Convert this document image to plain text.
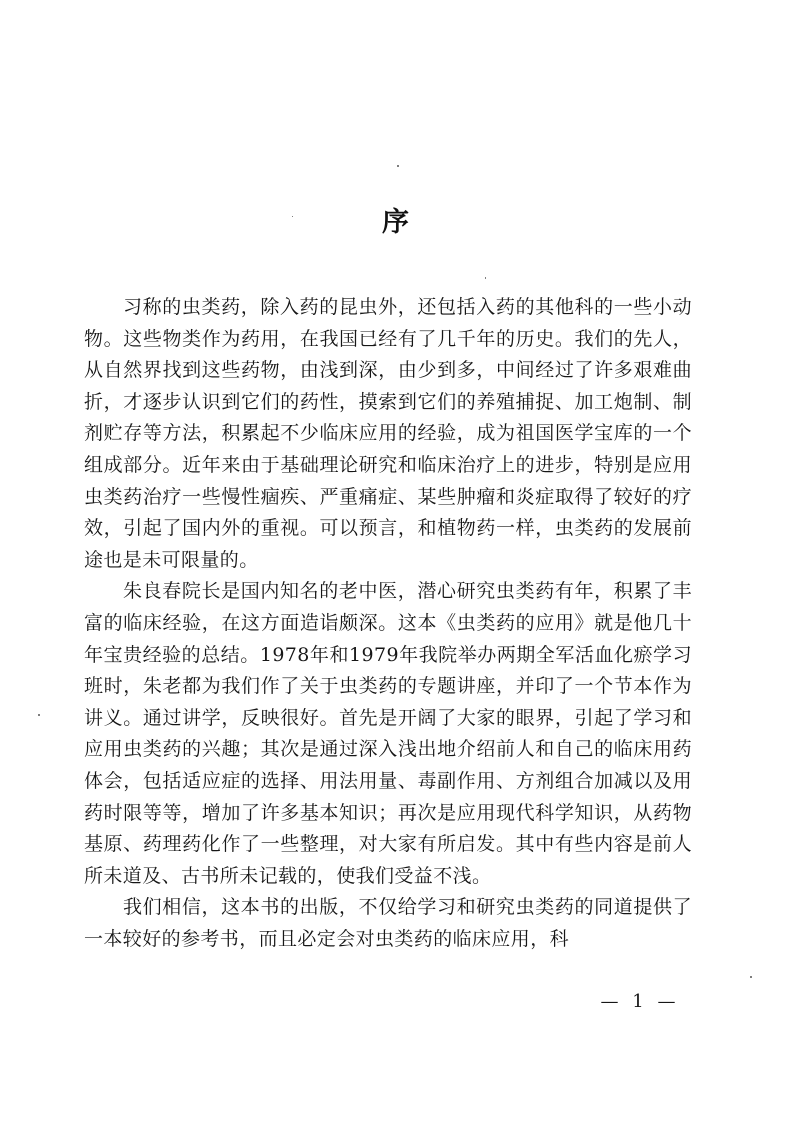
序

习称的虫类药，除入药的昆虫外，还包括入药的其他科的一些小动物。这些物类作为药用，在我国已经有了几千年的历史。我们的先人，从自然界找到这些药物，由浅到深，由少到多，中间经过了许多艰难曲折，才逐步认识到它们的药性，摸索到它们的养殖捕捉、加工炮制、制剂贮存等方法，积累起不少临床应用的经验，成为祖国医学宝库的一个组成部分。近年来由于基础理论研究和临床治疗上的进步，特别是应用虫类药治疗一些慢性痼疾、严重痛症、某些肿瘤和炎症取得了较好的疗效，引起了国内外的重视。可以预言，和植物药一样，虫类药的发展前途也是未可限量的。

朱良春院长是国内知名的老中医，潜心研究虫类药有年，积累了丰富的临床经验，在这方面造诣颇深。这本《虫类药的应用》就是他几十年宝贵经验的总结。1978年和1979年我院举办两期全军活血化瘀学习班时，朱老都为我们作了关于虫类药的专题讲座，并印了一个节本作为讲义。通过讲学，反映很好。首先是开阔了大家的眼界，引起了学习和应用虫类药的兴趣；其次是通过深入浅出地介绍前人和自己的临床用药体会，包括适应症的选择、用法用量、毒副作用、方剂组合加减以及用药时限等等，增加了许多基本知识；再次是应用现代科学知识，从药物基原、药理药化作了一些整理，对大家有所启发。其中有些内容是前人所未道及、古书所未记载的，使我们受益不浅。

我们相信，这本书的出版，不仅给学习和研究虫类药的同道提供了一本较好的参考书，而且必定会对虫类药的临床应用，科

— 1 —
